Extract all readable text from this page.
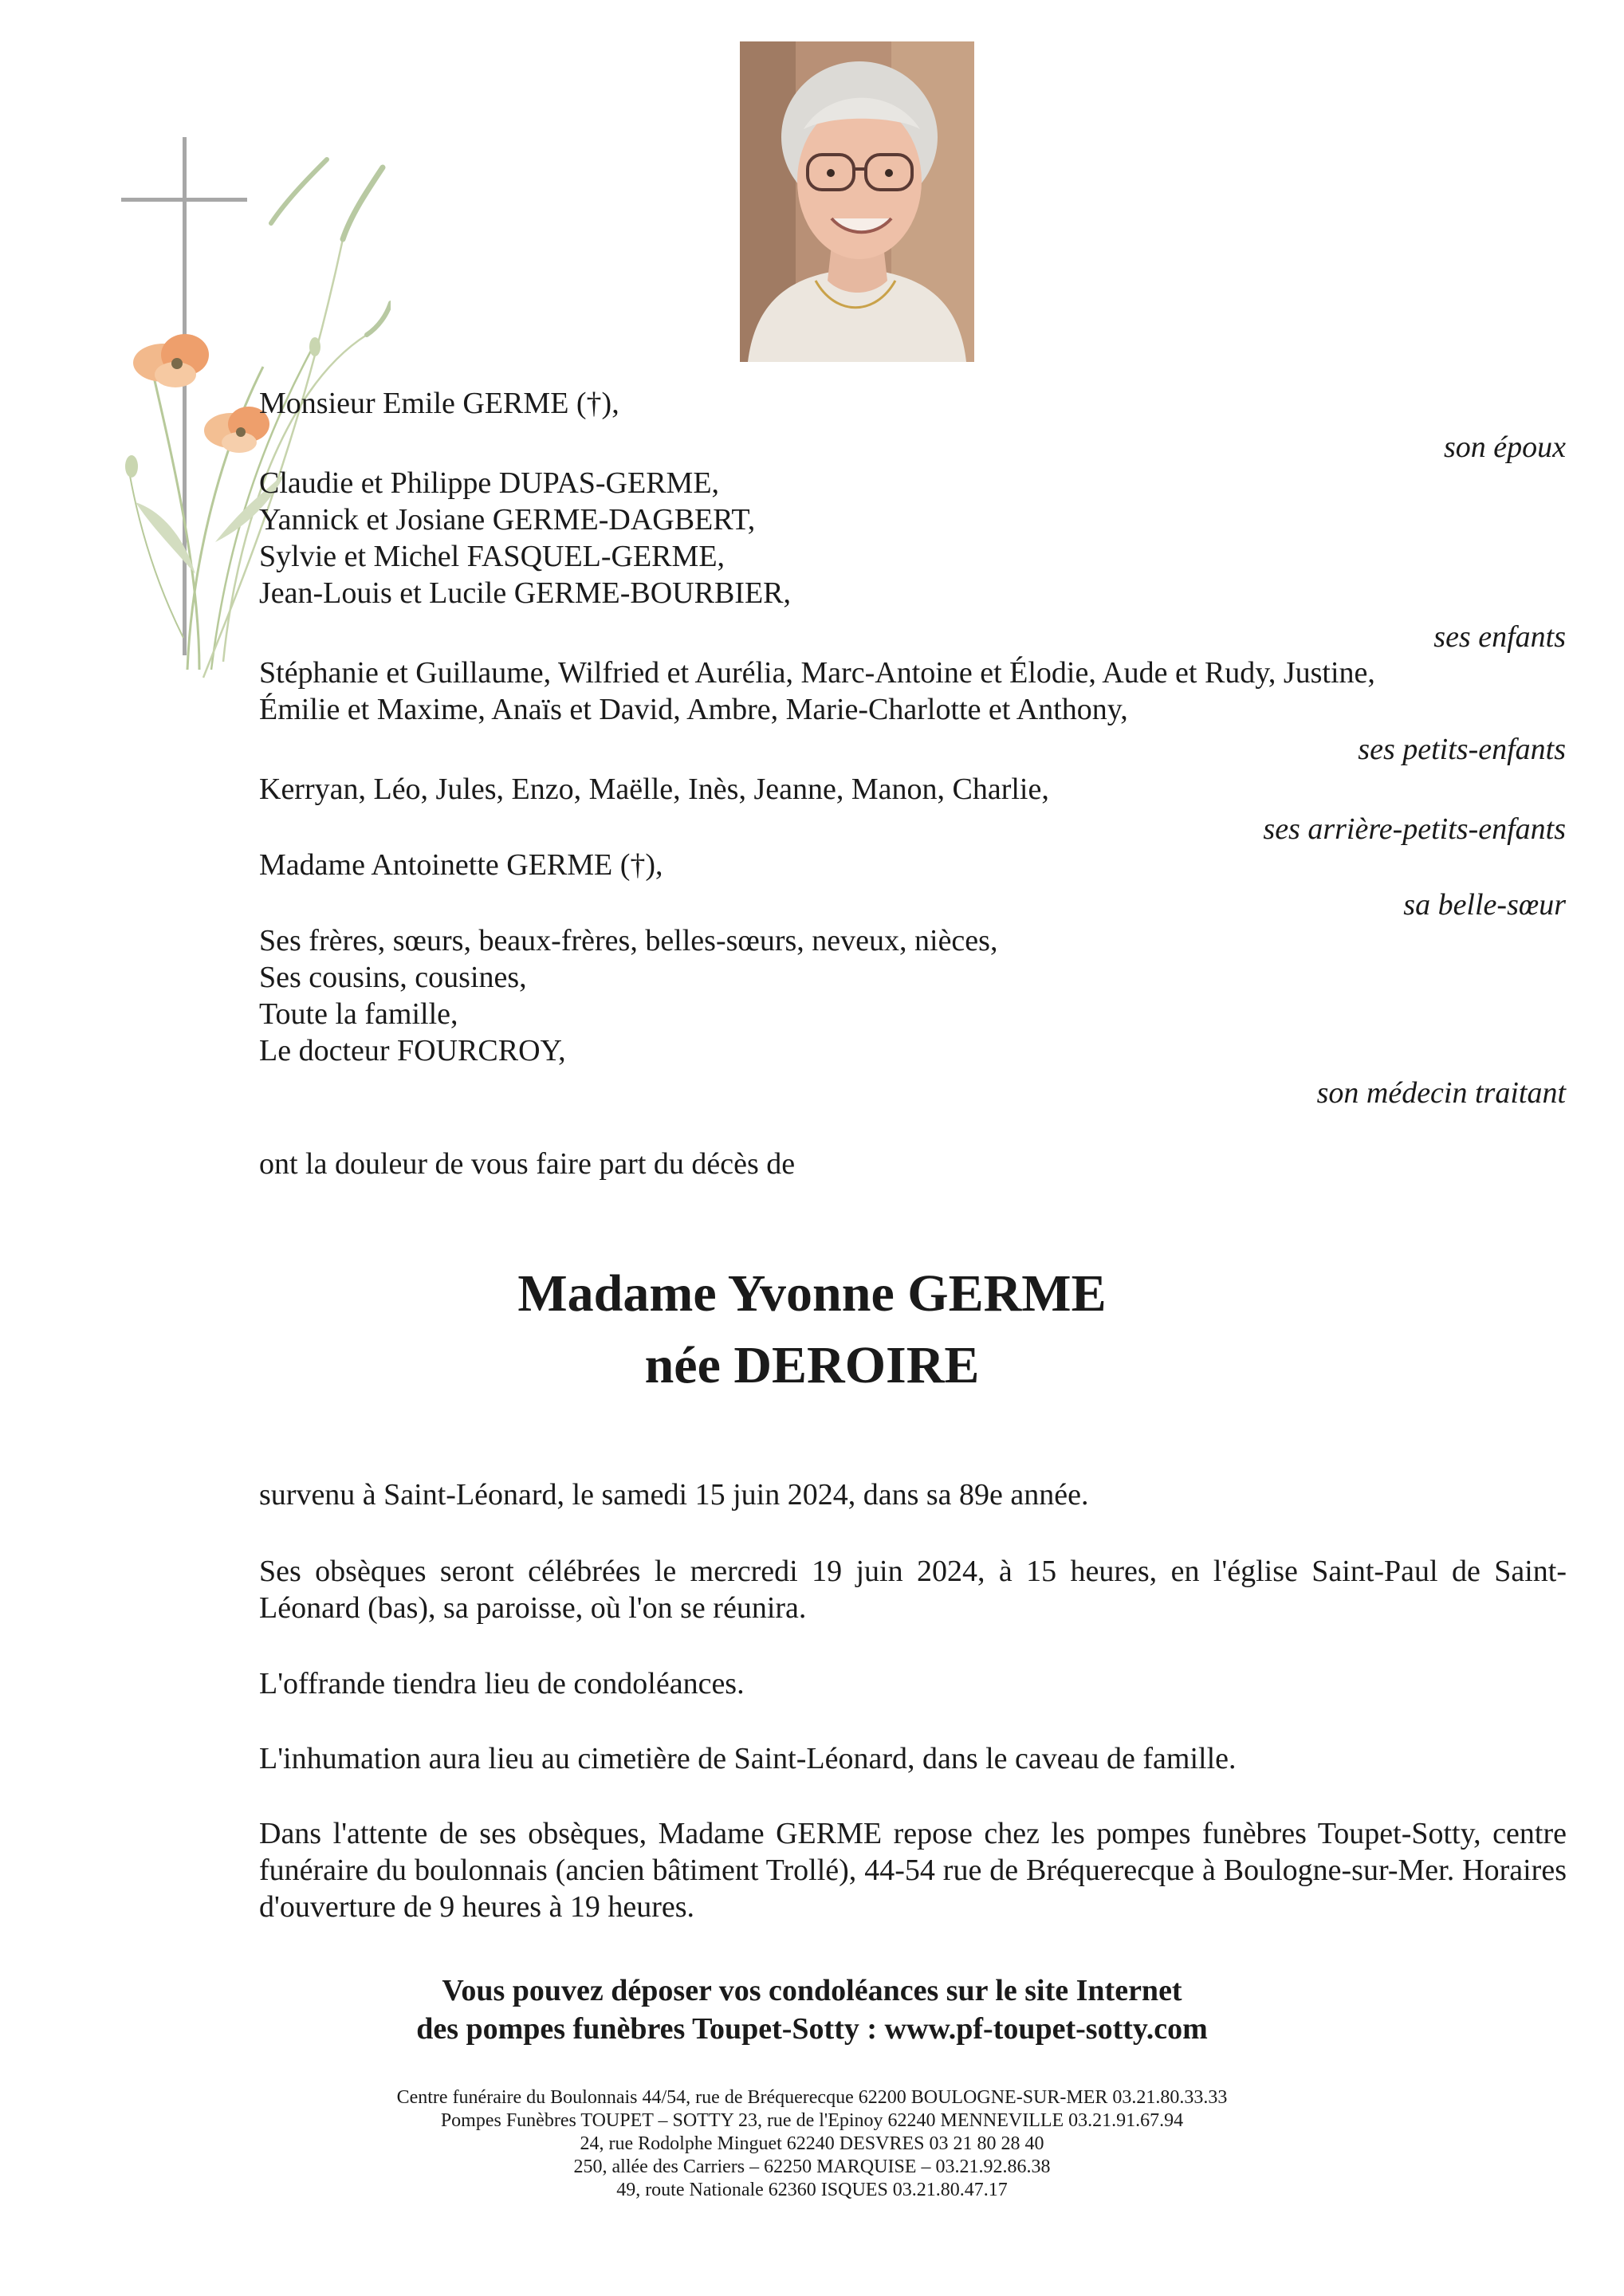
Monsieur Emile GERME (†),
son époux
Claudie et Philippe DUPAS-GERME,
Yannick et Josiane GERME-DAGBERT,
Sylvie et Michel FASQUEL-GERME,
Jean-Louis et Lucile GERME-BOURBIER,
ses enfants
Stéphanie et Guillaume, Wilfried et Aurélia, Marc-Antoine et Élodie, Aude et Rudy, Justine,
Émilie et Maxime, Anaïs et David, Ambre, Marie-Charlotte et Anthony,
ses petits-enfants
Kerryan, Léo, Jules, Enzo, Maëlle, Inès, Jeanne, Manon, Charlie,
ses arrière-petits-enfants
Madame Antoinette GERME (†),
sa belle-sœur
Ses frères, sœurs, beaux-frères, belles-sœurs, neveux, nièces,
Ses cousins, cousines,
Toute la famille,
Le docteur FOURCROY,
son médecin traitant
ont la douleur de vous faire part du décès de
Madame Yvonne GERME
née DEROIRE
survenu à Saint-Léonard, le samedi 15 juin 2024, dans sa 89e année.
Ses obsèques seront célébrées le mercredi 19 juin 2024, à 15 heures, en l'église Saint-Paul de Saint-Léonard (bas), sa paroisse, où l'on se réunira.
L'offrande tiendra lieu de condoléances.
L'inhumation aura lieu au cimetière de Saint-Léonard, dans le caveau de famille.
Dans l'attente de ses obsèques, Madame GERME repose chez les pompes funèbres Toupet-Sotty, centre funéraire du boulonnais (ancien bâtiment Trollé), 44-54 rue de Bréquerecque à Boulogne-sur-Mer. Horaires d'ouverture de 9 heures à 19 heures.
Vous pouvez déposer vos condoléances sur le site Internet
des pompes funèbres Toupet-Sotty : www.pf-toupet-sotty.com
Centre funéraire du Boulonnais 44/54, rue de Bréquerecque 62200 BOULOGNE-SUR-MER 03.21.80.33.33
Pompes Funèbres TOUPET – SOTTY 23, rue de l'Epinoy 62240 MENNEVILLE 03.21.91.67.94
24, rue Rodolphe Minguet 62240 DESVRES 03 21 80 28 40
250, allée des Carriers – 62250 MARQUISE – 03.21.92.86.38
49, route Nationale 62360 ISQUES 03.21.80.47.17
